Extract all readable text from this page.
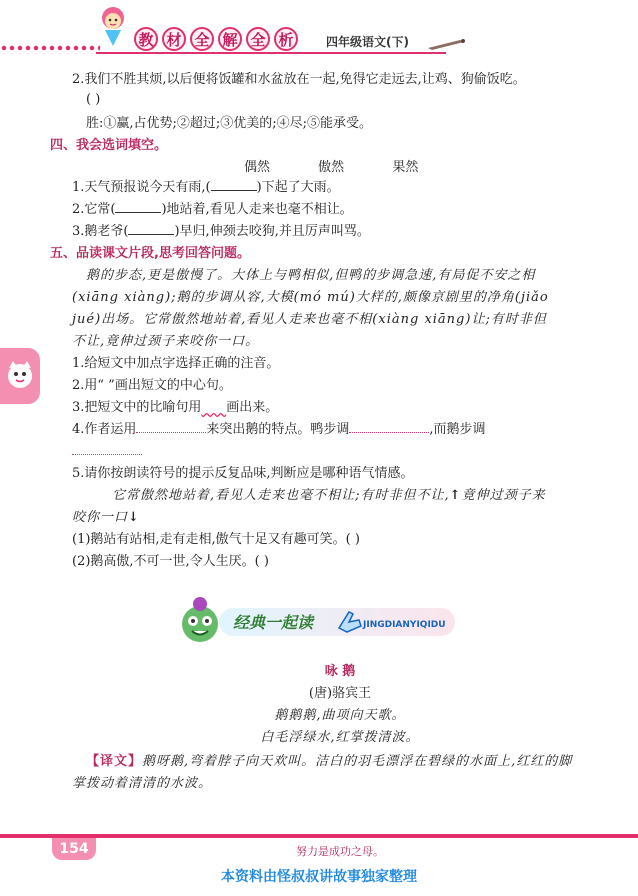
教 材 全 解 全 析	四年级语文(下)
2.我们不胜其烦,以后便将饭罐和水盆放在一起,免得它走远去,让鸡、狗偷饭吃。
( )
胜:①赢,占优势;②超过;③优美的;④尽;⑤能承受。
四、我会选词填空。
偶然	傲然	果然
1.天气预报说今天有雨,(	)下起了大雨。
2.它常(	)地站着,看见人走来也毫不相让。
3.鹅老爷(	)早归,伸颈去咬狗,并且厉声叫骂。
五、品读课文片段,思考回答问题。
鹅的步态,更是傲慢了。大体上与鸭相似,但鸭的步调急速,有局促不安之相
(xiāng xiàng);鹅的步调从容,大模(mó mú)大样的,颇像京剧里的净角(jiǎo
jué)出场。它常傲然地站着,看见人走来也毫不相(xiàng xiāng)让;有时非但
不让,竟伸过颈子来咬你一口。
1.给短文中加点字选择正确的注音。
2.用“ ”画出短文的中心句。
3.把短文中的比喻句用 画出来。
4.作者运用	来突出鹅的特点。鸭步调	,而鹅步调
5.请你按朗读符号的提示反复品味,判断应是哪种语气情感。
它常傲然地站着,看见人走来也毫不相让;有时非但不让,↑竟伸过颈子来
咬你一口↓
(1)鹅站有站相,走有走相,傲气十足又有趣可笑。( )
(2)鹅高傲,不可一世,令人生厌。( )
咏 鹅
(唐)骆宾王
鹅鹅鹅,曲项向天歌。
白毛浮绿水,红掌拨清波。
【译文】鹅呀鹅,弯着脖子向天欢叫。洁白的羽毛漂浮在碧绿的水面上,红红的脚
掌拨动着清清的水波。
经典一起读	JINGDIANYIQIDU
154	努力是成功之母。
本资料由怪叔叔讲故事独家整理
